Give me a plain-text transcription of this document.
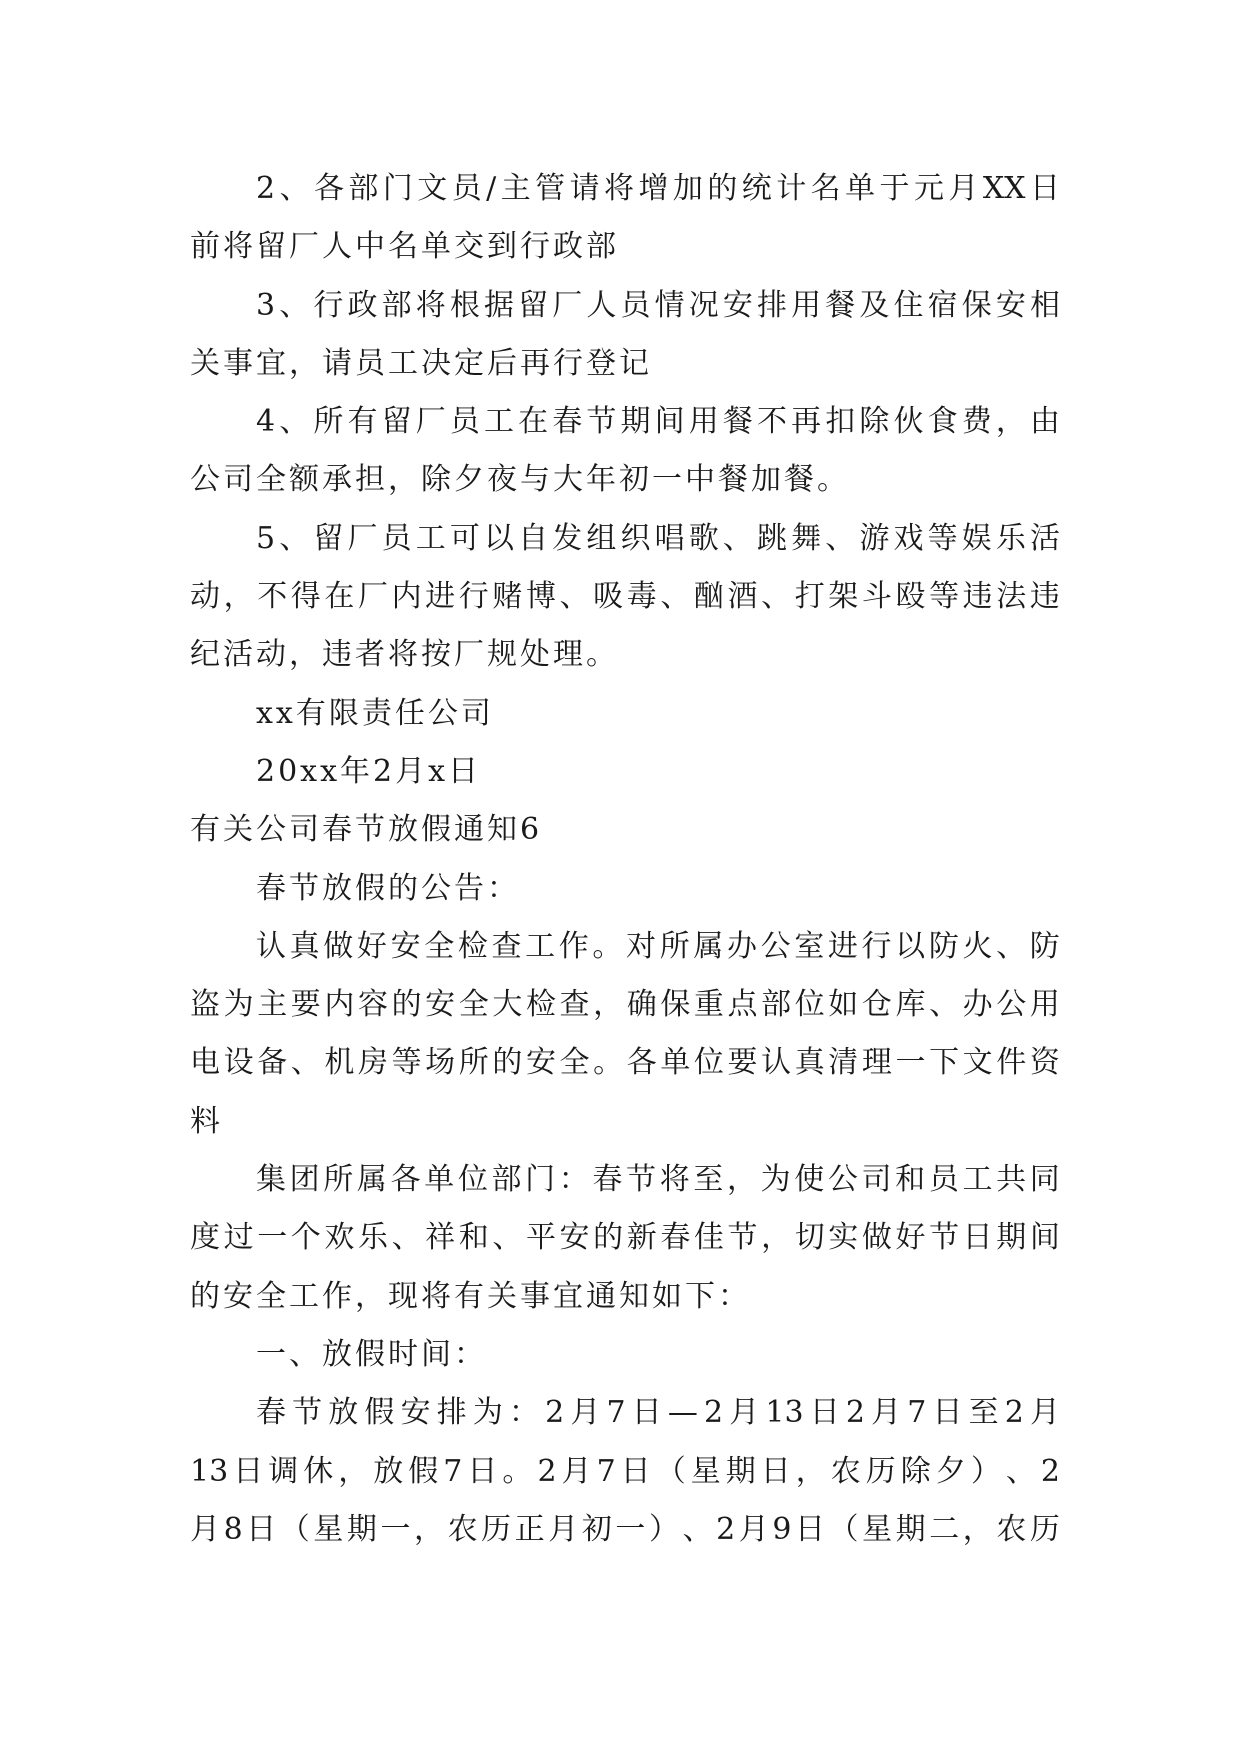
2 、 各 部 门 文 员 / 主 管 请 将 增 加 的 统 计 名 单 于 元 月 XX 日
前将留厂人中名单交到行政部
3 、 行 政 部 将 根 据 留 厂 人 员 情 况 安 排 用 餐 及 住 宿 保 安 相
关事宜，请员工决定后再行登记
4 、 所 有 留 厂 员 工 在 春 节 期 间 用 餐 不 再 扣 除 伙 食 费 ， 由
公司全额承担，除夕夜与大年初一中餐加餐。
5 、 留 厂 员 工 可 以 自 发 组 织 唱 歌 、 跳 舞 、 游 戏 等 娱 乐 活
动 ， 不 得 在 厂 内 进 行 赌 博 、 吸 毒 、 酗 酒 、 打 架 斗 殴 等 违 法 违
纪活动，违者将按厂规处理。
xx有限责任公司
20xx年2月x日
有关公司春节放假通知6
春节放假的公告：
认 真 做 好 安 全 检 查 工 作 。 对 所 属 办 公 室 进 行 以 防 火 、 防
盗 为 主 要 内 容 的 安 全 大 检 查 ， 确 保 重 点 部 位 如 仓 库 、 办 公 用
电 设 备 、 机 房 等 场 所 的 安 全 。 各 单 位 要 认 真 清 理 一 下 文 件 资
料
集 团 所 属 各 单 位 部 门 ： 春 节 将 至 ， 为 使 公 司 和 员 工 共 同
度 过 一 个 欢 乐 、 祥 和 、 平 安 的 新 春 佳 节 ， 切 实 做 好 节 日 期 间
的安全工作，现将有关事宜通知如下：
一、放假时间：
春 节 放 假 安 排 为 ： 2 月 7 日 — 2 月 13 日 2 月 7 日 至 2 月
13 日 调 休 ， 放 假 7 日 。 2 月 7 日 （ 星 期 日 ， 农 历 除 夕 ） 、 2
月 8 日 （ 星 期 一 ， 农 历 正 月 初 一 ） 、 2 月 9 日 （ 星 期 二 ， 农 历
